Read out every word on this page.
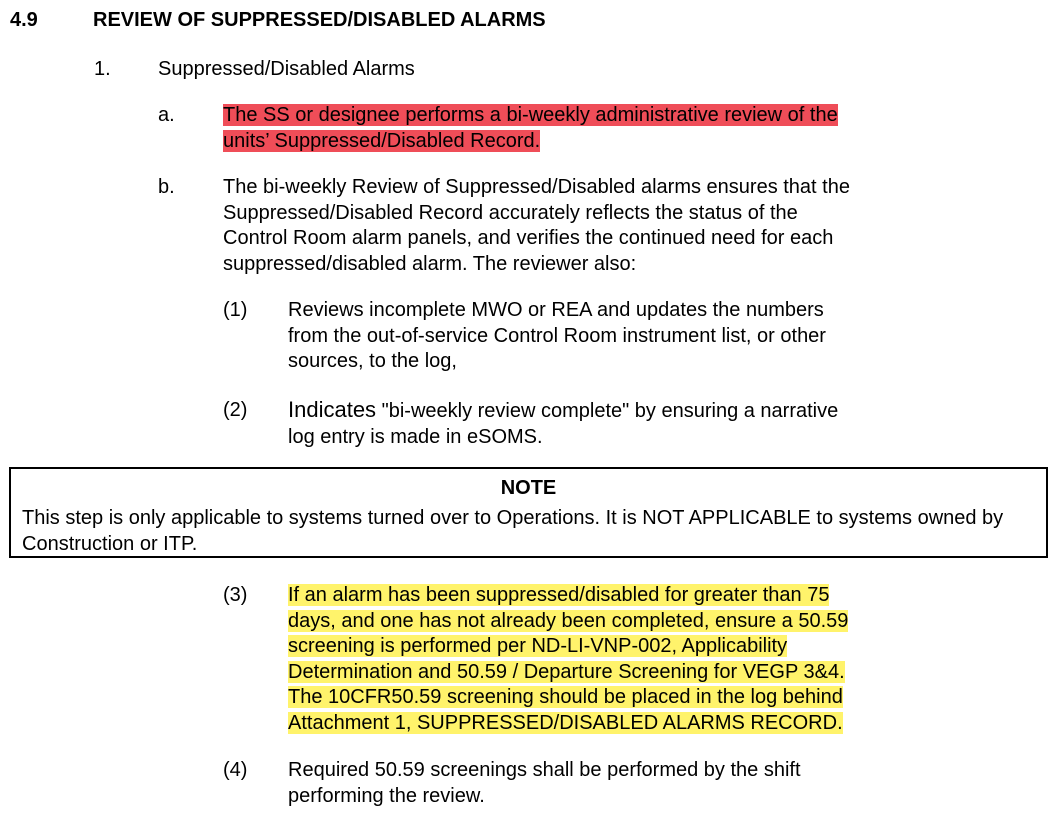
4.9	REVIEW OF SUPPRESSED/DISABLED ALARMS
1. Suppressed/Disabled Alarms
a. The SS or designee performs a bi-weekly administrative review of the
units’ Suppressed/Disabled Record.
b. The bi-weekly Review of Suppressed/Disabled alarms ensures that the
Suppressed/Disabled Record accurately reflects the status of the
Control Room alarm panels, and verifies the continued need for each
suppressed/disabled alarm. The reviewer also:
(1) Reviews incomplete MWO or REA and updates the numbers
from the out-of-service Control Room instrument list, or other
sources, to the log,
(2) Indicates "bi-weekly review complete" by ensuring a narrative
log entry is made in eSOMS.
NOTE
This step is only applicable to systems turned over to Operations. It is NOT APPLICABLE to systems owned by Construction or ITP.
(3) If an alarm has been suppressed/disabled for greater than 75
days, and one has not already been completed, ensure a 50.59
screening is performed per ND-LI-VNP-002, Applicability
Determination and 50.59 / Departure Screening for VEGP 3&4.
The 10CFR50.59 screening should be placed in the log behind
Attachment 1, SUPPRESSED/DISABLED ALARMS RECORD.
(4) Required 50.59 screenings shall be performed by the shift
performing the review.
